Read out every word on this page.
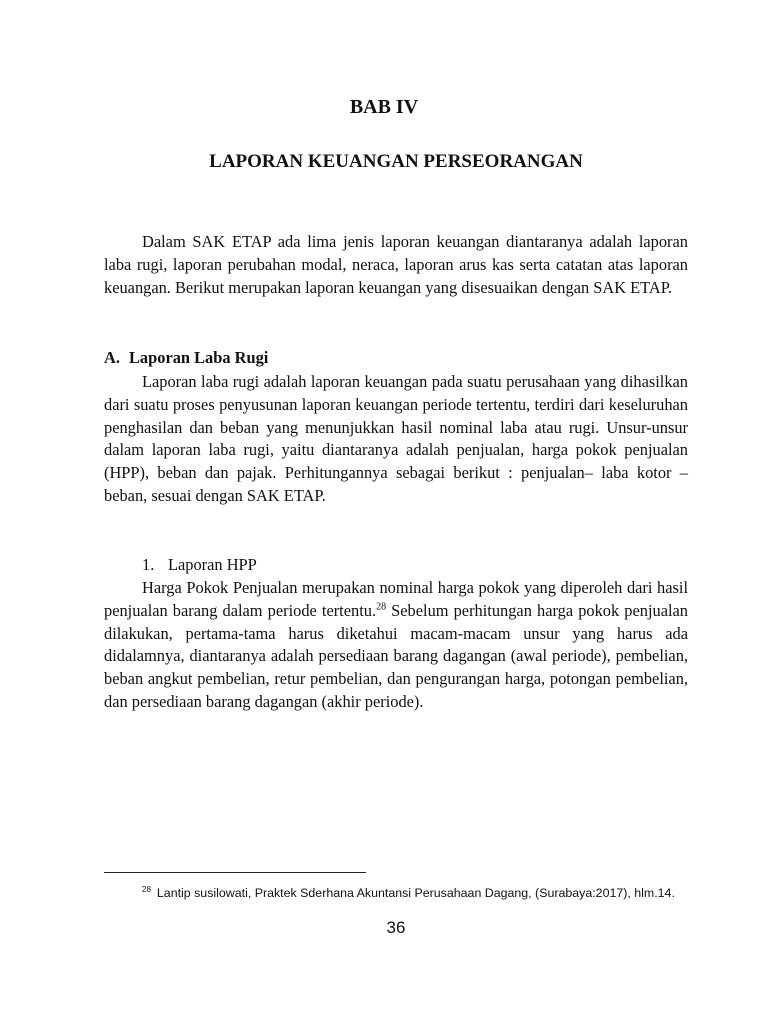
BAB IV
LAPORAN KEUANGAN PERSEORANGAN

Dalam SAK ETAP ada lima jenis laporan keuangan diantaranya adalah laporan laba rugi, laporan perubahan modal, neraca, laporan arus kas serta catatan atas laporan keuangan. Berikut merupakan laporan keuangan yang disesuaikan dengan SAK ETAP.

A. Laporan Laba Rugi

Laporan laba rugi adalah laporan keuangan pada suatu perusahaan yang dihasilkan dari suatu proses penyusunan laporan keuangan periode tertentu, terdiri dari keseluruhan penghasilan dan beban yang menunjukkan hasil nominal laba atau rugi. Unsur-unsur dalam laporan laba rugi, yaitu diantaranya adalah penjualan, harga pokok penjualan (HPP), beban dan pajak. Perhitungannya sebagai berikut : penjualan– laba kotor – beban, sesuai dengan SAK ETAP.

1. Laporan HPP

Harga Pokok Penjualan merupakan nominal harga pokok yang diperoleh dari hasil penjualan barang dalam periode tertentu.$^{28}$ Sebelum perhitungan harga pokok penjualan dilakukan, pertama-tama harus diketahui macam-macam unsur yang harus ada didalamnya, diantaranya adalah persediaan barang dagangan (awal periode), pembelian, beban angkut pembelian, retur pembelian, dan pengurangan harga, potongan pembelian, dan persediaan barang dagangan (akhir periode).

$^{28}$ Lantip susilowati, Praktek Sderhana Akuntansi Perusahaan Dagang, (Surabaya:2017), hlm.14.
36
